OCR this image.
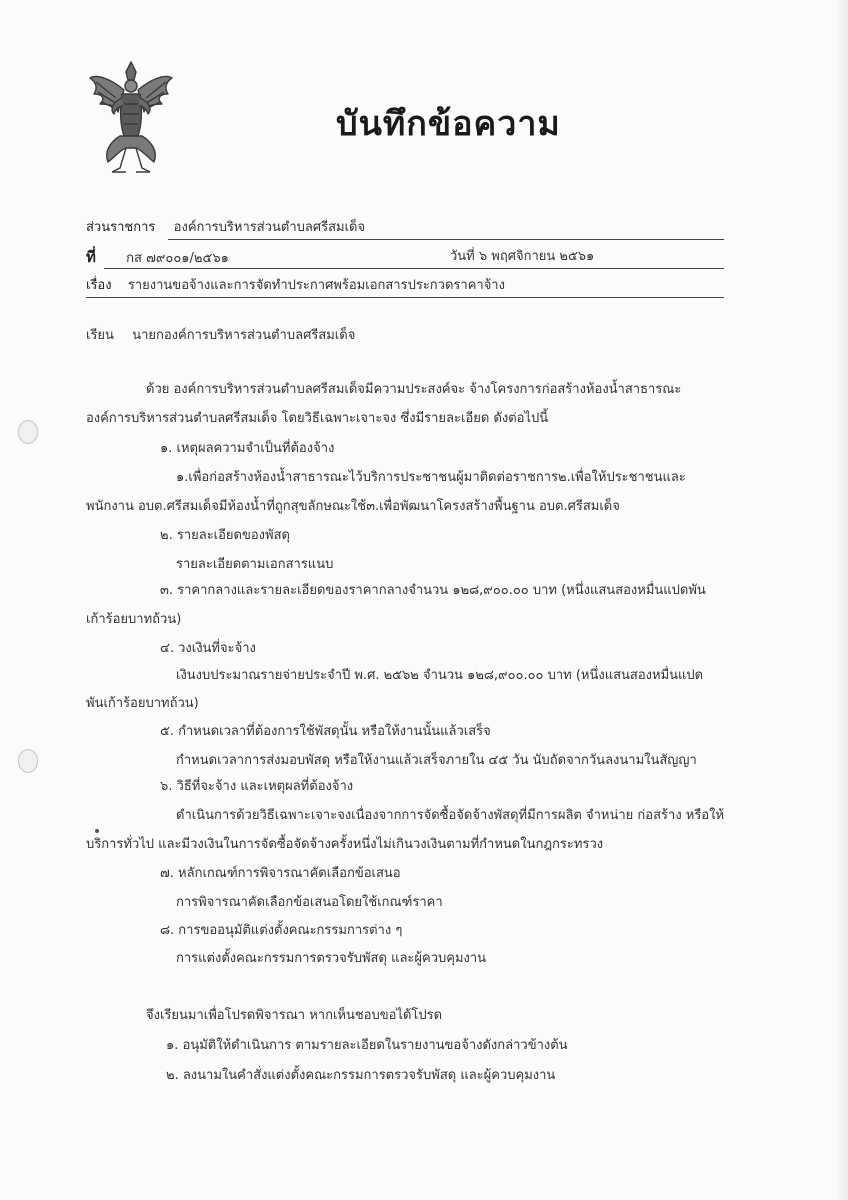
บันทึกข้อความ
ส่วนราชการ องค์การบริหารส่วนตำบลศรีสมเด็จ
ที่ กส ๗๙๐๐๑/๒๕๖๑	วันที่ ๖ พฤศจิกายน ๒๕๖๑
เรื่อง รายงานขอจ้างและการจัดทำประกาศพร้อมเอกสารประกวดราคาจ้าง
เรียน นายกองค์การบริหารส่วนตำบลศรีสมเด็จ
ด้วย องค์การบริหารส่วนตำบลศรีสมเด็จมีความประสงค์จะ จ้างโครงการก่อสร้างห้องน้ำสาธารณะ
องค์การบริหารส่วนตำบลศรีสมเด็จ โดยวิธีเฉพาะเจาะจง ซึ่งมีรายละเอียด ดังต่อไปนี้
๑. เหตุผลความจำเป็นที่ต้องจ้าง
๑.เพื่อก่อสร้างห้องน้ำสาธารณะไว้บริการประชาชนผู้มาติดต่อราชการ๒.เพื่อให้ประชาชนและ
พนักงาน อบต.ศรีสมเด็จมีห้องน้ำที่ถูกสุขลักษณะใช้๓.เพื่อพัฒนาโครงสร้างพื้นฐาน อบต.ศรีสมเด็จ
๒. รายละเอียดของพัสดุ
รายละเอียดตามเอกสารแนบ
๓. ราคากลางและรายละเอียดของราคากลางจำนวน ๑๒๘,๙๐๐.๐๐ บาท (หนึ่งแสนสองหมื่นแปดพัน
เก้าร้อยบาทถ้วน)
๔. วงเงินที่จะจ้าง
เงินงบประมาณรายจ่ายประจำปี พ.ศ. ๒๕๖๒ จำนวน ๑๒๘,๙๐๐.๐๐ บาท (หนึ่งแสนสองหมื่นแปด
พันเก้าร้อยบาทถ้วน)
๕. กำหนดเวลาที่ต้องการใช้พัสดุนั้น หรือให้งานนั้นแล้วเสร็จ
กำหนดเวลาการส่งมอบพัสดุ หรือให้งานแล้วเสร็จภายใน ๔๕ วัน นับถัดจากวันลงนามในสัญญา
๖. วิธีที่จะจ้าง และเหตุผลที่ต้องจ้าง
ดำเนินการด้วยวิธีเฉพาะเจาะจงเนื่องจากการจัดซื้อจัดจ้างพัสดุที่มีการผลิต จำหน่าย ก่อสร้าง หรือให้
บริการทั่วไป และมีวงเงินในการจัดซื้อจัดจ้างครั้งหนึ่งไม่เกินวงเงินตามที่กำหนดในกฎกระทรวง
๗. หลักเกณฑ์การพิจารณาคัดเลือกข้อเสนอ
การพิจารณาคัดเลือกข้อเสนอโดยใช้เกณฑ์ราคา
๘. การขออนุมัติแต่งตั้งคณะกรรมการต่าง ๆ
การแต่งตั้งคณะกรรมการตรวจรับพัสดุ และผู้ควบคุมงาน
จึงเรียนมาเพื่อโปรดพิจารณา หากเห็นชอบขอได้โปรด
๑. อนุมัติให้ดำเนินการ ตามรายละเอียดในรายงานขอจ้างดังกล่าวข้างต้น
๒. ลงนามในคำสั่งแต่งตั้งคณะกรรมการตรวจรับพัสดุ และผู้ควบคุมงาน
